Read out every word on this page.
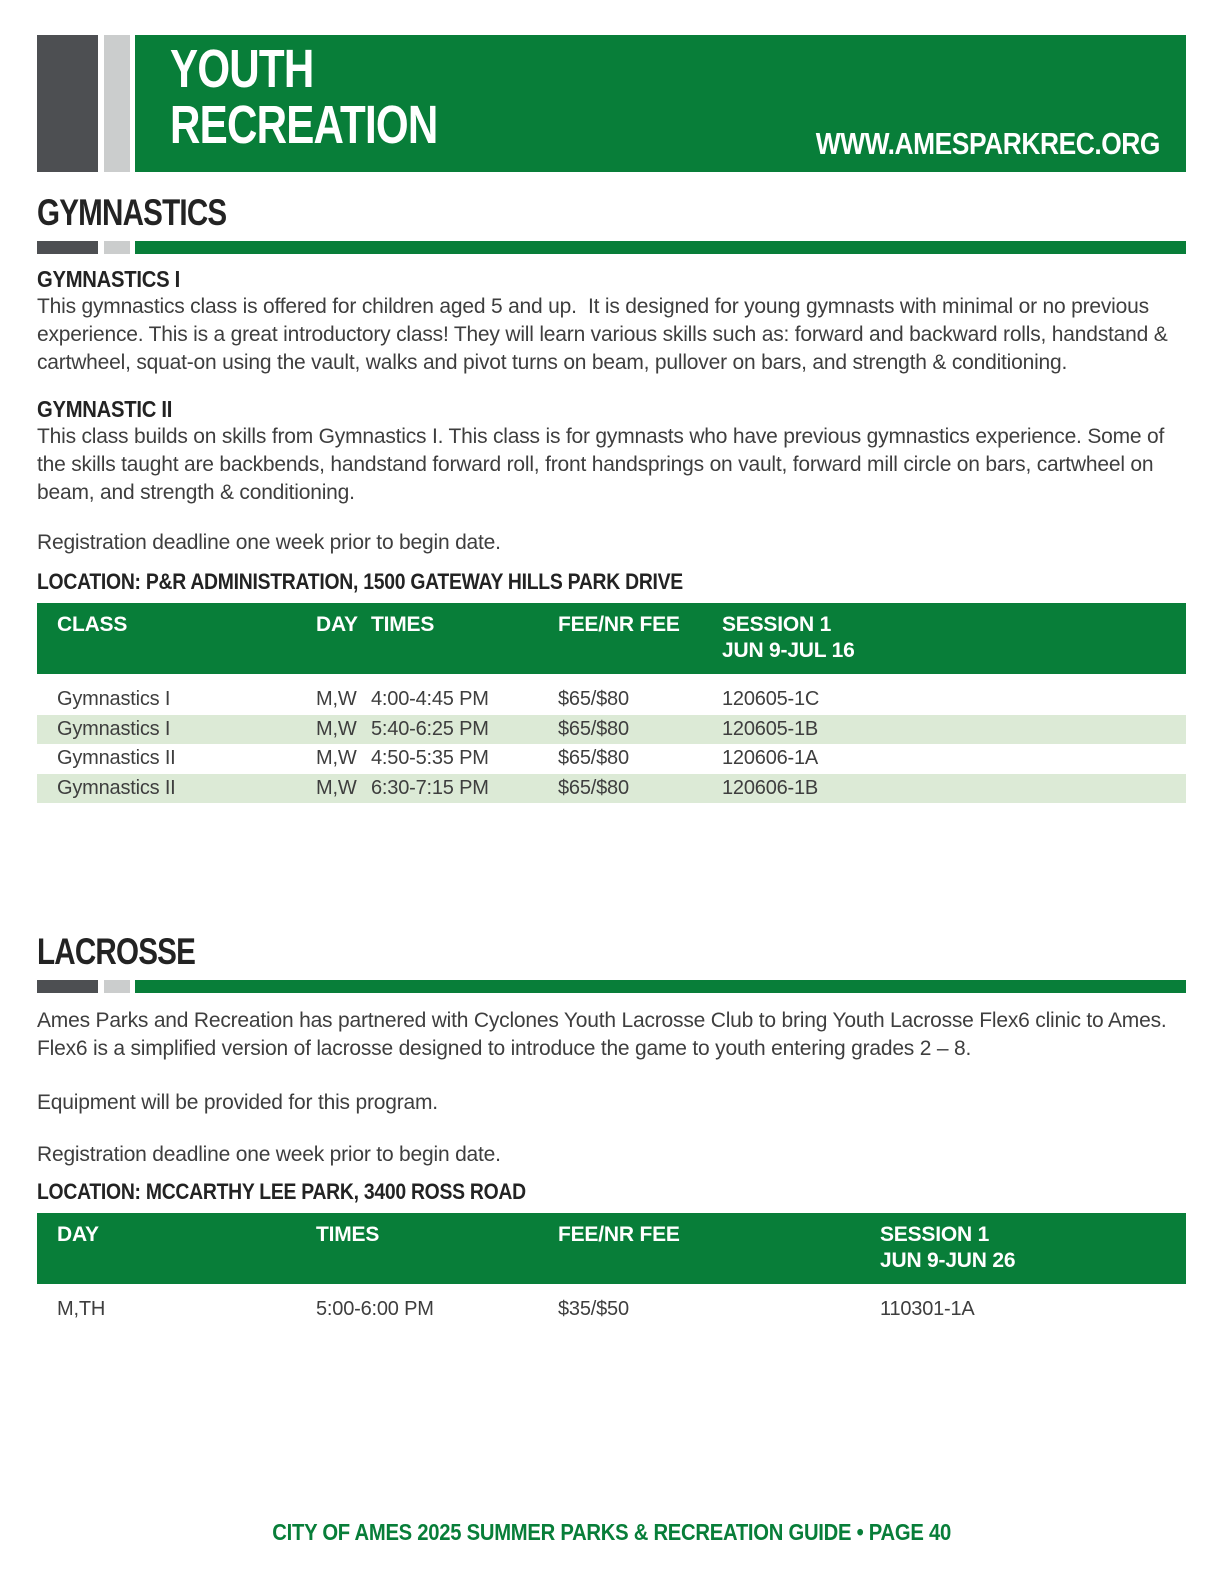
YOUTH
RECREATION	WWW.AMESPARKREC.ORG
GYMNASTICS
GYMNASTICS I

This gymnastics class is offered for children aged 5 and up.  It is designed for young gymnasts with minimal or no previous experience. This is a great introductory class! They will learn various skills such as: forward and backward rolls, handstand & cartwheel, squat-on using the vault, walks and pivot turns on beam, pullover on bars, and strength & conditioning.

GYMNASTIC II

This class builds on skills from Gymnastics I. This class is for gymnasts who have previous gymnastics experience. Some of the skills taught are backbends, handstand forward roll, front handsprings on vault, forward mill circle on bars, cartwheel on beam, and strength & conditioning.

Registration deadline one week prior to begin date.

LOCATION: P&R ADMINISTRATION, 1500 GATEWAY HILLS PARK DRIVE

CLASS	DAY TIMES	FEE/NR FEE	SESSION 1
JUN 9-JUL 16
Gymnastics I	M,W 4:00-4:45 PM	$65/$80	120605-1C
Gymnastics I	M,W 5:40-6:25 PM	$65/$80	120605-1B
Gymnastics II	M,W 4:50-5:35 PM	$65/$80	120606-1A
Gymnastics II	M,W 6:30-7:15 PM	$65/$80	120606-1B
LACROSSE

Ames Parks and Recreation has partnered with Cyclones Youth Lacrosse Club to bring Youth Lacrosse Flex6 clinic to Ames.  Flex6 is a simplified version of lacrosse designed to introduce the game to youth entering grades 2 – 8.

Equipment will be provided for this program.

Registration deadline one week prior to begin date.

LOCATION: MCCARTHY LEE PARK, 3400 ROSS ROAD

DAY	TIMES	FEE/NR FEE	SESSION 1
JUN 9-JUN 26
M,TH	5:00-6:00 PM	$35/$50	110301-1A
CITY OF AMES 2025 SUMMER PARKS & RECREATION GUIDE • PAGE 40
